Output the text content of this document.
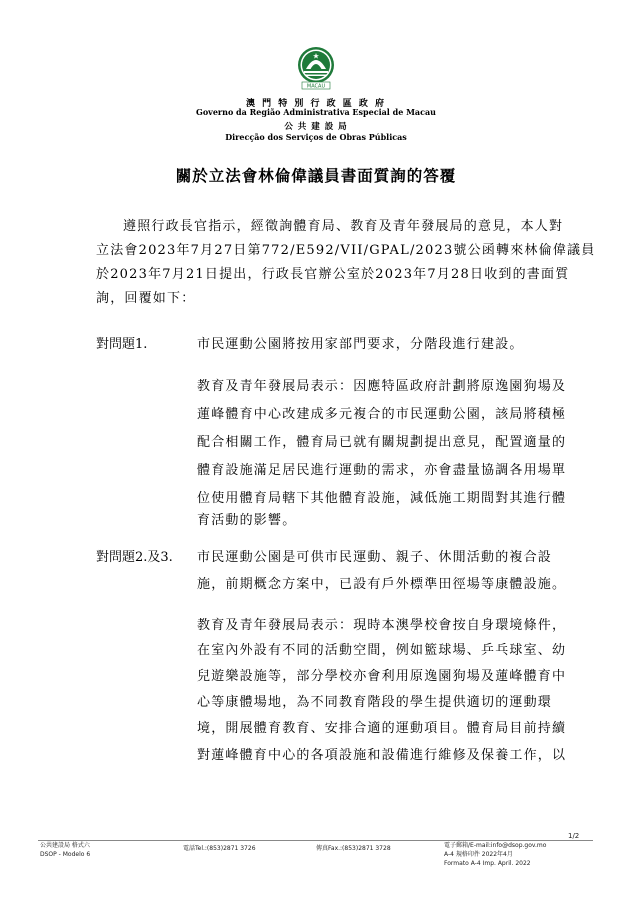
MACAU
澳 門 特 別 行 政 區 政 府
Governo da Região Administrativa Especial de Macau
公 共 建 設 局
Direcção dos Serviços de Obras Públicas
關於立法會林倫偉議員書面質詢的答覆
遵照行政長官指示，經徵詢體育局、教育及青年發展局的意見，本人對
立法會2023年7月27日第772/E592/VII/GPAL/2023號公函轉來林倫偉議員
於2023年7月21日提出，行政長官辦公室於2023年7月28日收到的書面質
詢，回覆如下：
對問題1.	市民運動公園將按用家部門要求，分階段進行建設。
教育及青年發展局表示：因應特區政府計劃將原逸園狗場及
蓮峰體育中心改建成多元複合的市民運動公園，該局將積極
配合相關工作，體育局已就有關規劃提出意見，配置適量的
體育設施滿足居民進行運動的需求，亦會盡量協調各用場單
位使用體育局轄下其他體育設施，減低施工期間對其進行體
育活動的影響。
對問題2.及3. 市民運動公園是可供市民運動、親子、休閒活動的複合設
施，前期概念方案中，已設有戶外標準田徑場等康體設施。
教育及青年發展局表示：現時本澳學校會按自身環境條件，
在室內外設有不同的活動空間，例如籃球場、乒乓球室、幼
兒遊樂設施等，部分學校亦會利用原逸園狗場及蓮峰體育中
心等康體場地，為不同教育階段的學生提供適切的運動環
境，開展體育教育、安排合適的運動項目。體育局目前持續
對蓮峰體育中心的各項設施和設備進行維修及保養工作，以
1/2
公共建設局 格式六
DSOP - Modelo 6
電話Tel.:(853)2871 3726	傳真Fax.:(853)2871 3728	電子郵箱/E-mail:info@dsop.gov.mo
A-4 規格印件 2022年4月
Formato A-4 Imp. April. 2022
